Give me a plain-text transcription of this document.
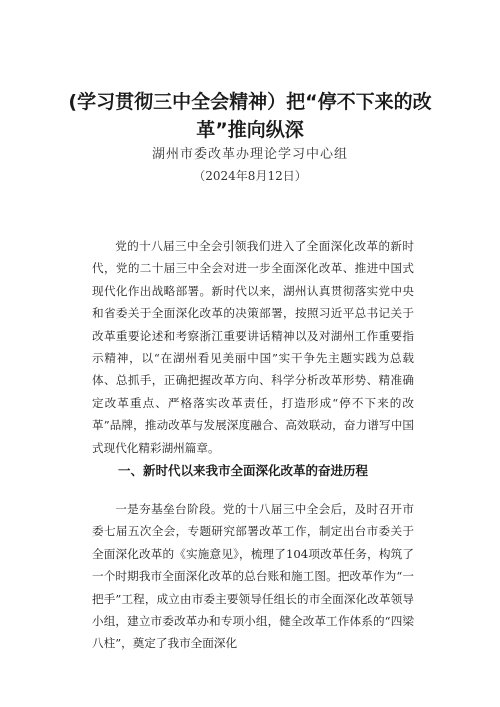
(学习贯彻三中全会精神）把“停不下来的改
革”推向纵深
湖州市委改革办理论学习中心组
（2024年8月12日）

党的十八届三中全会引领我们进入了全面深化改革的新时代，党的二十届三中全会对进一步全面深化改革、推进中国式现代化作出战略部署。新时代以来，湖州认真贯彻落实党中央和省委关于全面深化改革的决策部署，按照习近平总书记关于改革重要论述和考察浙江重要讲话精神以及对湖州工作重要指示精神，以“在湖州看见美丽中国”实干争先主题实践为总载体、总抓手，正确把握改革方向、科学分析改革形势、精准确定改革重点、严格落实改革责任，打造形成“停不下来的改革”品牌，推动改革与发展深度融合、高效联动，奋力谱写中国式现代化精彩湖州篇章。

一、新时代以来我市全面深化改革的奋进历程

一是夯基垒台阶段。党的十八届三中全会后，及时召开市委七届五次全会，专题研究部署改革工作，制定出台市委关于全面深化改革的《实施意见》，梳理了104项改革任务，构筑了一个时期我市全面深化改革的总台账和施工图。把改革作为“一把手”工程，成立由市委主要领导任组长的市全面深化改革领导小组，建立市委改革办和专项小组，健全改革工作体系的“四梁八柱”，奠定了我市全面深化
